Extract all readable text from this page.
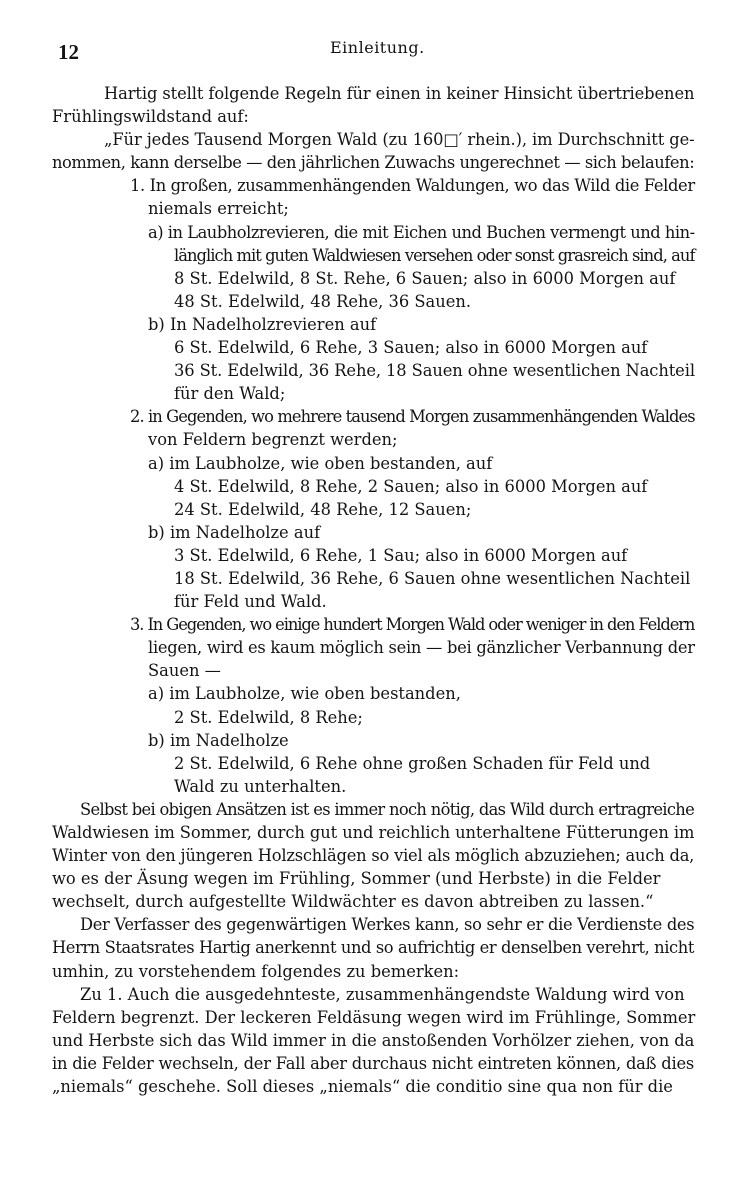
12	Einleitung.
Hartig stellt folgende Regeln für einen in keiner Hinsicht übertriebenen
Frühlingswildstand auf:
„Für jedes Tausend Morgen Wald (zu 160□′ rhein.), im Durchschnitt ge-
nommen, kann derselbe — den jährlichen Zuwachs ungerechnet — sich belaufen:
1. In großen, zusammenhängenden Waldungen, wo das Wild die Felder
niemals erreicht;
a) in Laubholzrevieren, die mit Eichen und Buchen vermengt und hin-
länglich mit guten Waldwiesen versehen oder sonst grasreich sind, auf
8 St. Edelwild, 8 St. Rehe, 6 Sauen; also in 6000 Morgen auf
48 St. Edelwild, 48 Rehe, 36 Sauen.
b) In Nadelholzrevieren auf
6 St. Edelwild, 6 Rehe, 3 Sauen; also in 6000 Morgen auf
36 St. Edelwild, 36 Rehe, 18 Sauen ohne wesentlichen Nachteil
für den Wald;
2. in Gegenden, wo mehrere tausend Morgen zusammenhängenden Waldes
von Feldern begrenzt werden;
a) im Laubholze, wie oben bestanden, auf
4 St. Edelwild, 8 Rehe, 2 Sauen; also in 6000 Morgen auf
24 St. Edelwild, 48 Rehe, 12 Sauen;
b) im Nadelholze auf
3 St. Edelwild, 6 Rehe, 1 Sau; also in 6000 Morgen auf
18 St. Edelwild, 36 Rehe, 6 Sauen ohne wesentlichen Nachteil
für Feld und Wald.
3. In Gegenden, wo einige hundert Morgen Wald oder weniger in den Feldern
liegen, wird es kaum möglich sein — bei gänzlicher Verbannung der
Sauen —
a) im Laubholze, wie oben bestanden,
2 St. Edelwild, 8 Rehe;
b) im Nadelholze
2 St. Edelwild, 6 Rehe ohne großen Schaden für Feld und
Wald zu unterhalten.
Selbst bei obigen Ansätzen ist es immer noch nötig, das Wild durch ertragreiche
Waldwiesen im Sommer, durch gut und reichlich unterhaltene Fütterungen im
Winter von den jüngeren Holzschlägen so viel als möglich abzuziehen; auch da,
wo es der Äsung wegen im Frühling, Sommer (und Herbste) in die Felder
wechselt, durch aufgestellte Wildwächter es davon abtreiben zu lassen.“
Der Verfasser des gegenwärtigen Werkes kann, so sehr er die Verdienste des
Herrn Staatsrates Hartig anerkennt und so aufrichtig er denselben verehrt, nicht
umhin, zu vorstehendem folgendes zu bemerken:
Zu 1. Auch die ausgedehnteste, zusammenhängendste Waldung wird von
Feldern begrenzt. Der leckeren Feldäsung wegen wird im Frühlinge, Sommer
und Herbste sich das Wild immer in die anstoßenden Vorhölzer ziehen, von da
in die Felder wechseln, der Fall aber durchaus nicht eintreten können, daß dies
„niemals“ geschehe. Soll dieses „niemals“ die conditio sine qua non für die
